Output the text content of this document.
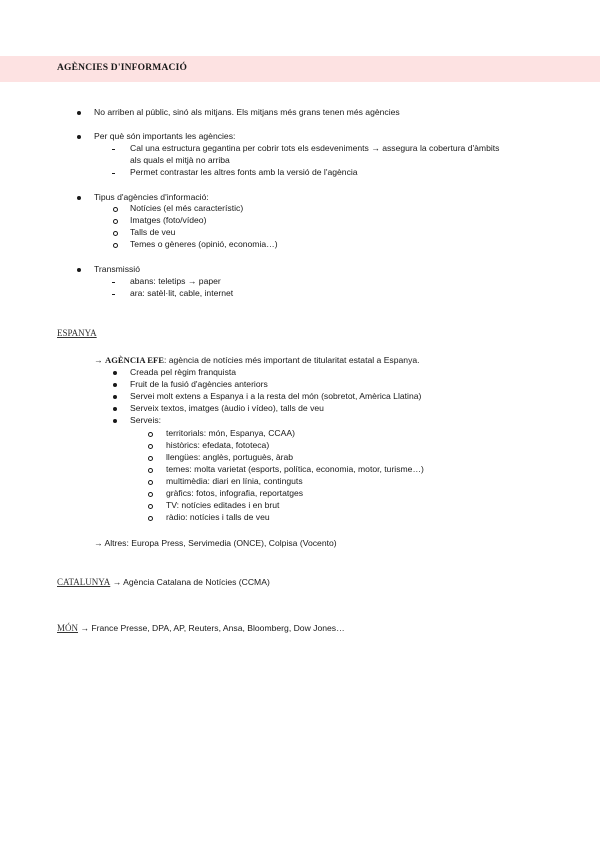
AGÈNCIES D'INFORMACIÓ
No arriben al públic, sinó als mitjans. Els mitjans més grans tenen més agències
Per què són importants les agències:
Cal una estructura gegantina per cobrir tots els esdeveniments → assegura la cobertura d'àmbits
als quals el mitjà no arriba
Permet contrastar les altres fonts amb la versió de l'agència
Tipus d'agències d'informació:
Notícies (el més característic)
Imatges (foto/vídeo)
Talls de veu
Temes o gèneres (opinió, economia…)
Transmissió
abans: teletips → paper
ara: satèl·lit, cable, internet
ESPANYA
→ AGÈNCIA EFE: agència de notícies més important de titularitat estatal a Espanya.
Creada pel règim franquista
Fruit de la fusió d'agències anteriors
Servei molt extens a Espanya i a la resta del món (sobretot, Amèrica Llatina)
Serveix textos, imatges (àudio i vídeo), talls de veu
Serveis:
territorials: món, Espanya, CCAA)
històrics: efedata, fototeca)
llengües: anglès, portuguès, àrab
temes: molta varietat (esports, política, economia, motor, turisme…)
multimèdia: diari en línia, continguts
gràfics: fotos, infografia, reportatges
TV: notícies editades i en brut
ràdio: notícies i talls de veu
→ Altres: Europa Press, Servimedia (ONCE), Colpisa (Vocento)
CATALUNYA → Agència Catalana de Notícies (CCMA)
MÓN → France Presse, DPA, AP, Reuters, Ansa, Bloomberg, Dow Jones…
